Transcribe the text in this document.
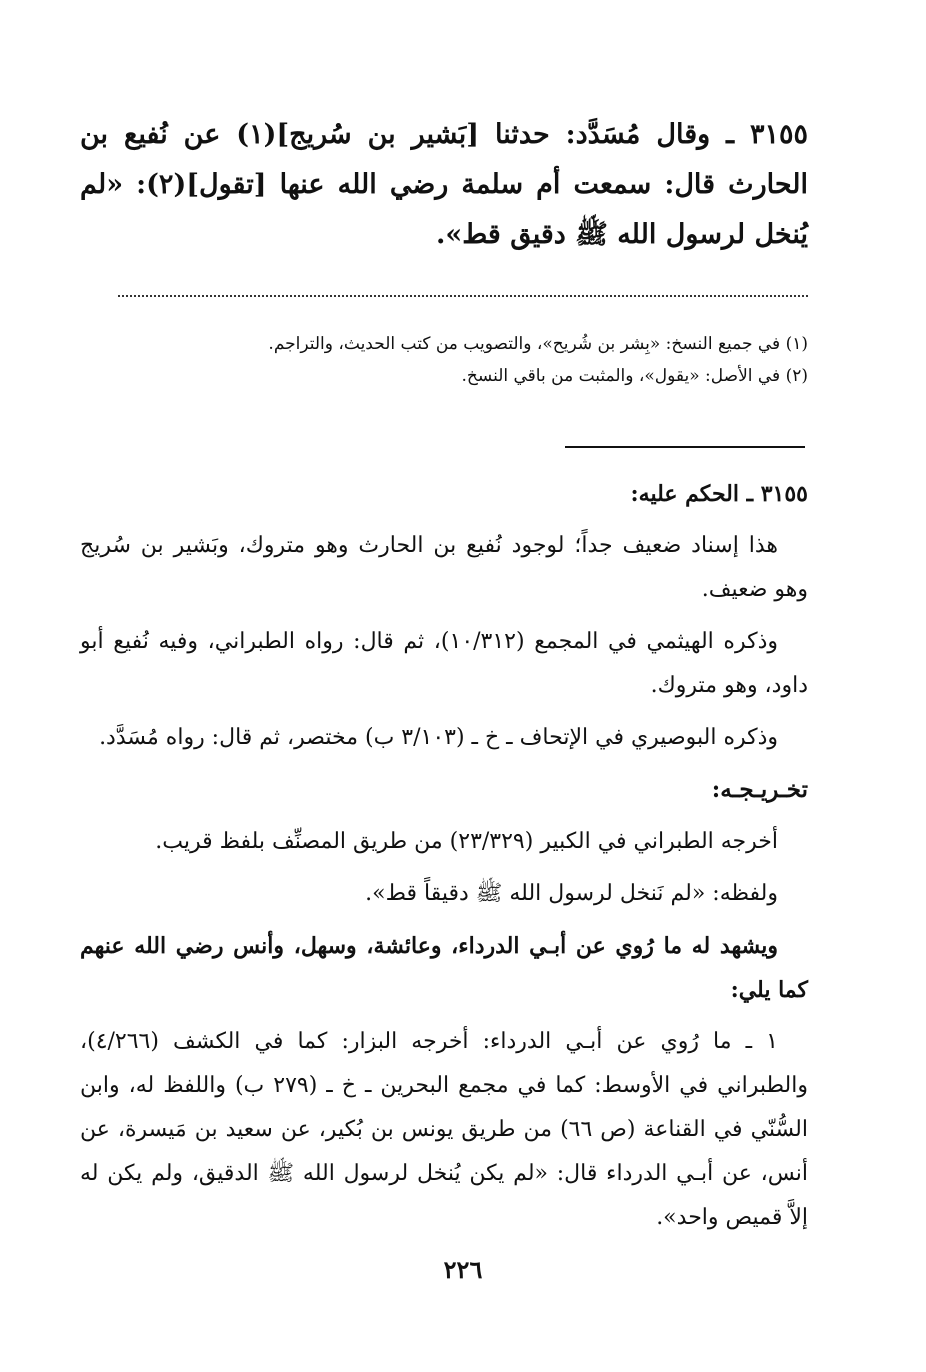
٣١٥٥ ـ وقال مُسَدَّد: حدثنا [بَشير بن سُريج](١) عن نُفيع بن الحارث قال: سمعت أم سلمة رضي الله عنها [تقول](٢): «لم يُنخل لرسول الله ﷺ دقيق قط».
(١) في جميع النسخ: «بِشر بن شُريح»، والتصويب من كتب الحديث، والتراجم.
(٢) في الأصل: «يقول»، والمثبت من باقي النسخ.

٣١٥٥ ـ الحكم عليه:

هذا إسناد ضعيف جداً؛ لوجود نُفيع بن الحارث وهو متروك، وبَشير بن سُريج وهو ضعيف.

وذكره الهيثمي في المجمع (١٠/٣١٢)، ثم قال: رواه الطبراني، وفيه نُفيع أبو داود، وهو متروك.

وذكره البوصيري في الإتحاف ـ خ ـ (٣/١٠٣ ب) مختصر، ثم قال: رواه مُسَدَّد.

تخـريـجـه:

أخرجه الطبراني في الكبير (٢٣/٣٢٩) من طريق المصنِّف بلفظ قريب.

ولفظه: «لم نَنخل لرسول الله ﷺ دقيقاً قط».

ويشهد له ما رُوي عن أبـي الدرداء، وعائشة، وسهل، وأنس رضي الله عنهم كما يلي:

١ ـ ما رُوي عن أبـي الدرداء: أخرجه البزار: كما في الكشف (٤/٢٦٦)، والطبراني في الأوسط: كما في مجمع البحرين ـ خ ـ (٢٧٩ ب) واللفظ له، وابن السُّنّي في القناعة (ص ٦٦) من طريق يونس بن بُكير، عن سعيد بن مَيسرة، عن أنس، عن أبـي الدرداء قال: «لم يكن يُنخل لرسول الله ﷺ الدقيق، ولم يكن له إلاَّ قميص واحد».

٢٢٦
